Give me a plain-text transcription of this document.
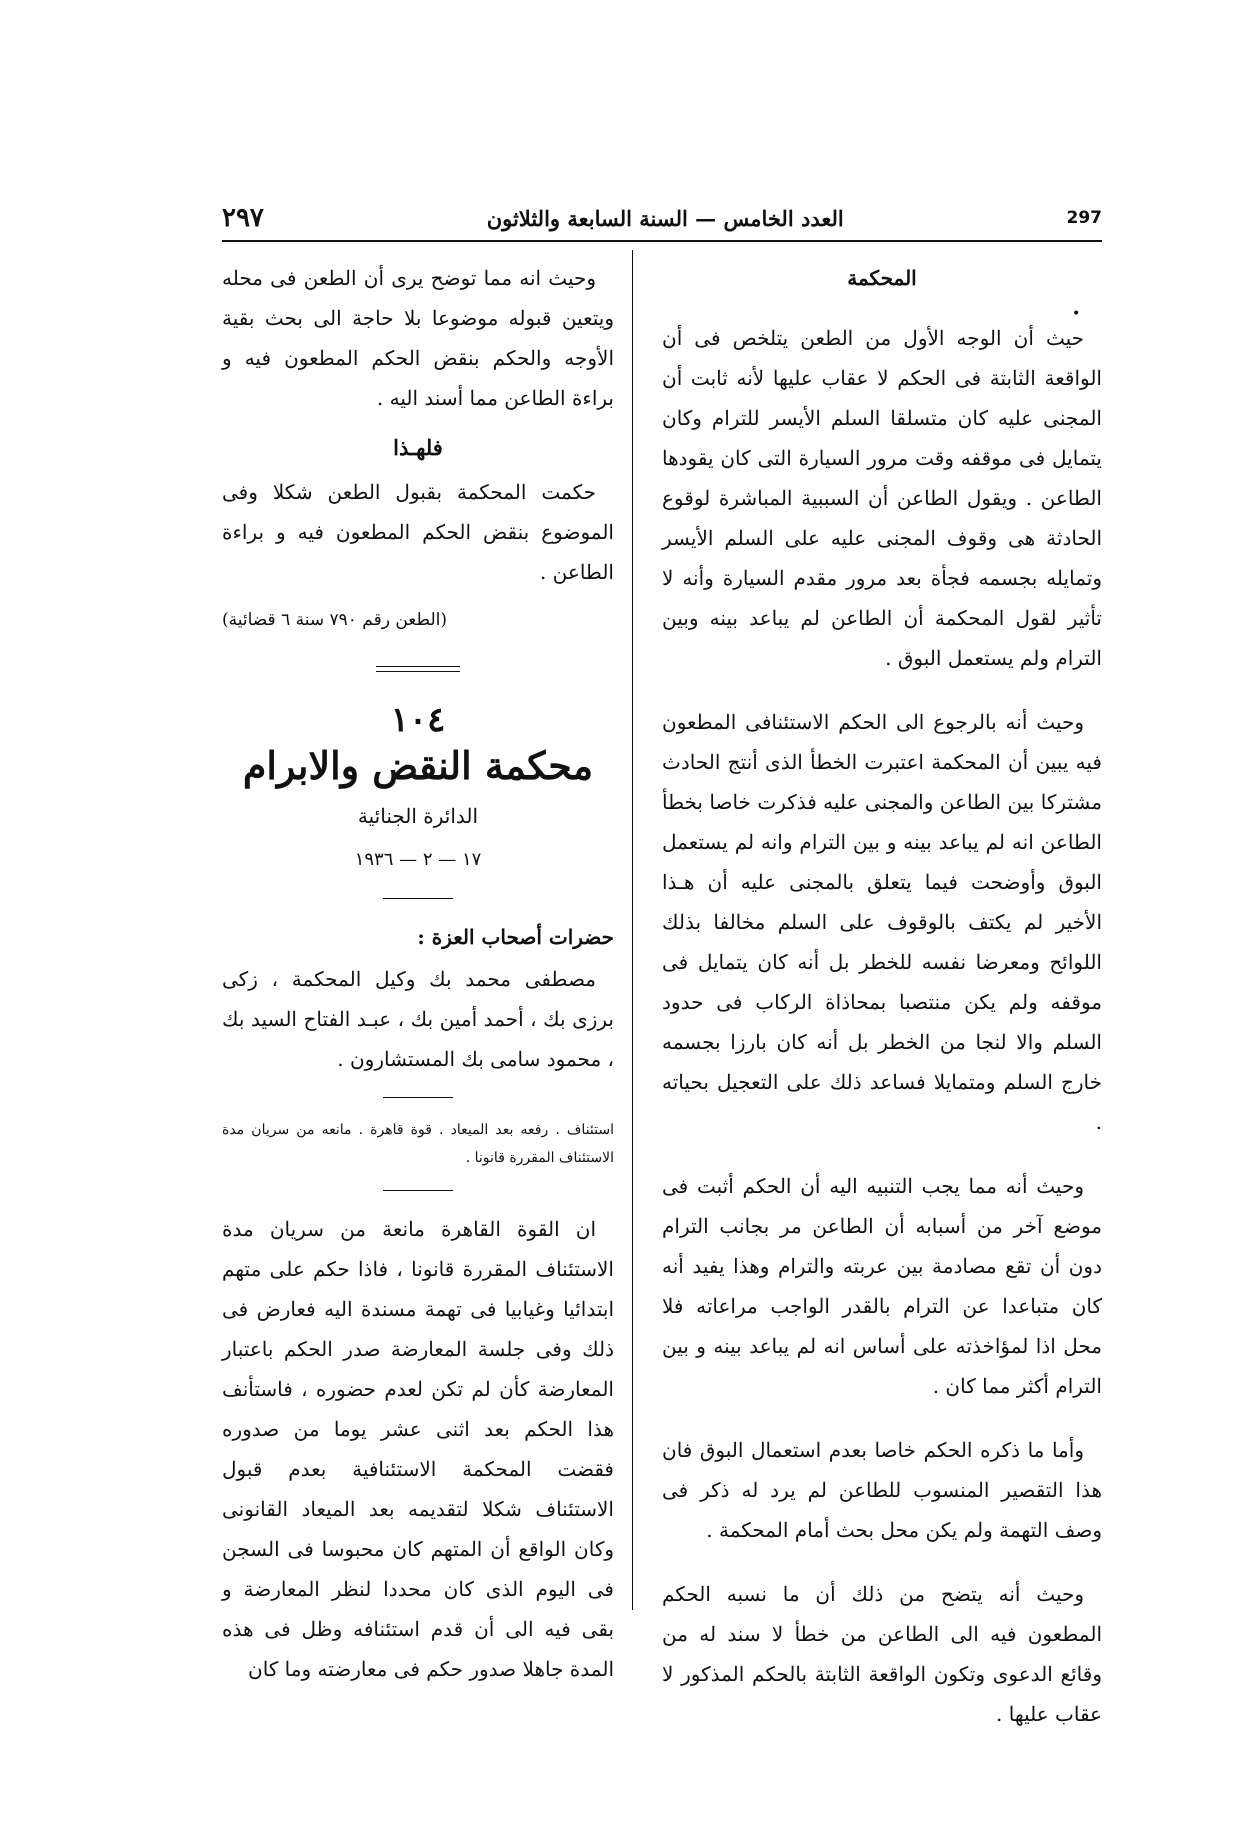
٢٩٧	العدد الخامس — السنة السابعة والثلاثون	297
•

المحكمة

حيث أن الوجه الأول من الطعن يتلخص فى أن الواقعة الثابتة فى الحكم لا عقاب عليها لأنه ثابت أن المجنى عليه كان متسلقا السلم الأيسر للترام وكان يتمايل فى موقفه وقت مرور السيارة التى كان يقودها الطاعن . ويقول الطاعن أن السببية المباشرة لوقوع الحادثة هى وقوف المجنى عليه على السلم الأيسر وتمايله بجسمه فجأة بعد مرور مقدم السيارة وأنه لا تأثير لقول المحكمة أن الطاعن لم يباعد بينه وبين الترام ولم يستعمل البوق .

وحيث أنه بالرجوع الى الحكم الاستئنافى المطعون فيه يبين أن المحكمة اعتبرت الخطأ الذى أنتج الحادث مشتركا بين الطاعن والمجنى عليه فذكرت خاصا بخطأ الطاعن انه لم يباعد بينه و بين الترام وانه لم يستعمل البوق وأوضحت فيما يتعلق بالمجنى عليه أن هـذا الأخير لم يكتف بالوقوف على السلم مخالفا بذلك اللوائح ومعرضا نفسه للخطر بل أنه كان يتمايل فى موقفه ولم يكن منتصبا بمحاذاة الركاب فى حدود السلم والا لنجا من الخطر بل أنه كان بارزا بجسمه خارج السلم ومتمايلا فساعد ذلك على التعجيل بحياته .

وحيث أنه مما يجب التنبيه اليه أن الحكم أثبت فى موضع آخر من أسبابه أن الطاعن مر بجانب الترام دون أن تقع مصادمة بين عربته والترام وهذا يفيد أنه كان متباعدا عن الترام بالقدر الواجب مراعاته فلا محل اذا لمؤاخذته على أساس انه لم يباعد بينه و بين الترام أكثر مما كان .

وأما ما ذكره الحكم خاصا بعدم استعمال البوق فان هذا التقصير المنسوب للطاعن لم يرد له ذكر فى وصف التهمة ولم يكن محل بحث أمام المحكمة .

وحيث أنه يتضح من ذلك أن ما نسبه الحكم المطعون فيه الى الطاعن من خطأ لا سند له من وقائع الدعوى وتكون الواقعة الثابتة بالحكم المذكور لا عقاب عليها .

وحيث انه مما توضح يرى أن الطعن فى محله ويتعين قبوله موضوعا بلا حاجة الى بحث بقية الأوجه والحكم بنقض الحكم المطعون فيه و براءة الطاعن مما أسند اليه .

فلهـذا

حكمت المحكمة بقبول الطعن شكلا وفى الموضوع بنقض الحكم المطعون فيه و براءة الطاعن .

(الطعن رقم ٧٩٠ سنة ٦ قضائية)

١٠٤

محكمة النقض والابرام

الدائرة الجنائية

١٧ — ٢ — ١٩٣٦

حضرات أصحاب العزة :

مصطفى محمد بك وكيل المحكمة ، زكى برزى بك ، أحمد أمين بك ، عبـد الفتاح السيد بك ، محمود سامى بك المستشارون .

استئناف . رفعه بعد الميعاد . قوة قاهرة . مانعه من سريان مدة الاستئناف المقررة قانونا .

ان القوة القاهرة مانعة من سريان مدة الاستئناف المقررة قانونا ، فاذا حكم على متهم ابتدائيا وغيابيا فى تهمة مسندة اليه فعارض فى ذلك وفى جلسة المعارضة صدر الحكم باعتبار المعارضة كأن لم تكن لعدم حضوره ، فاستأنف هذا الحكم بعد اثنى عشر يوما من صدوره فقضت المحكمة الاستئنافية بعدم قبول الاستئناف شكلا لتقديمه بعد الميعاد القانونى وكان الواقع أن المتهم كان محبوسا فى السجن فى اليوم الذى كان محددا لنظر المعارضة و بقى فيه الى أن قدم استئنافه وظل فى هذه المدة جاهلا صدور حكم فى معارضته وما كان
